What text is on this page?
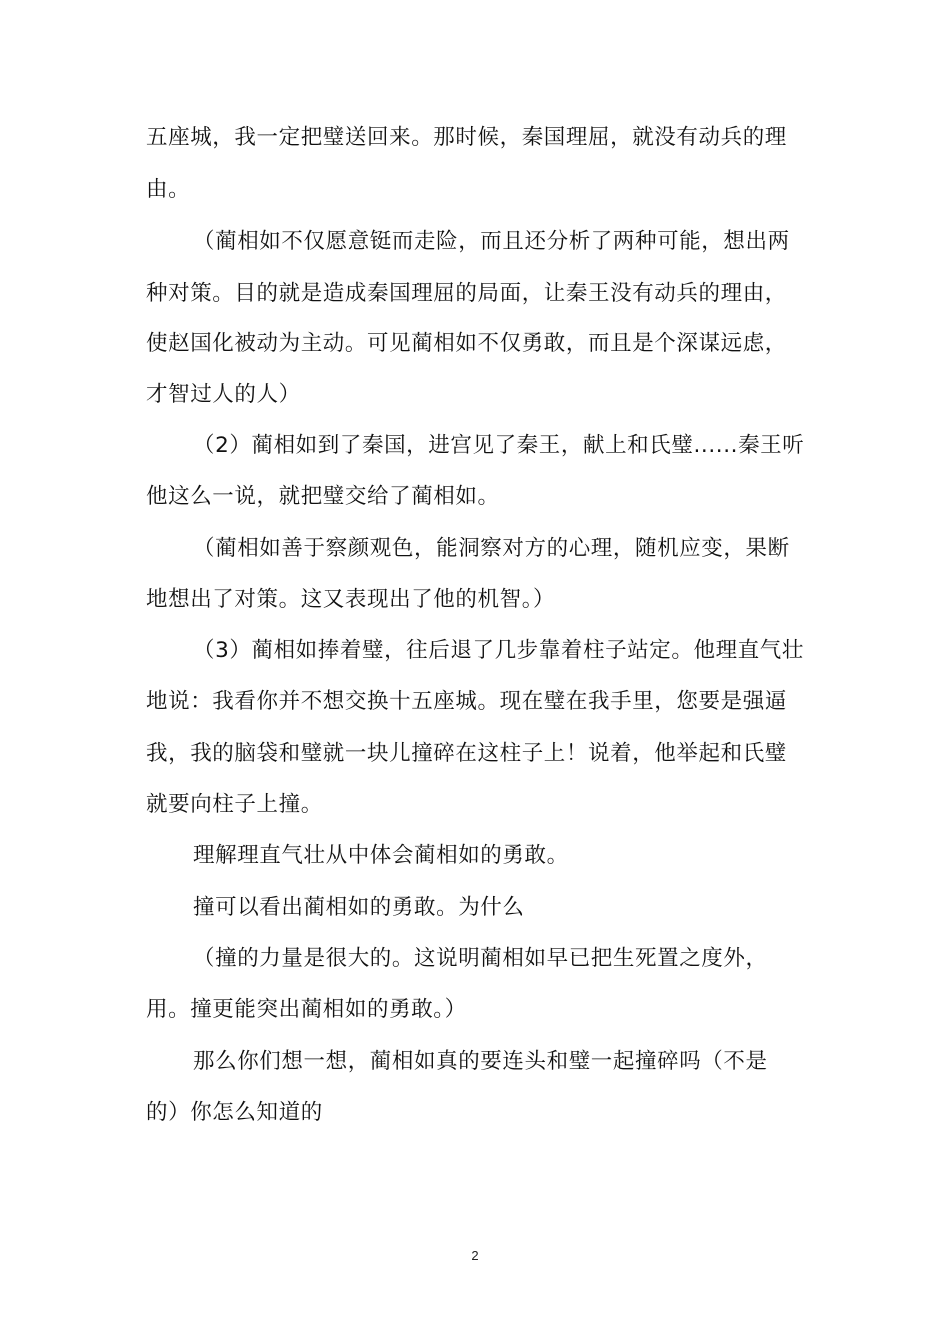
五座城，我一定把璧送回来。那时候，秦国理屈，就没有动兵的理
由。
（蔺相如不仅愿意铤而走险，而且还分析了两种可能，想出两
种对策。目的就是造成秦国理屈的局面，让秦王没有动兵的理由，
使赵国化被动为主动。可见蔺相如不仅勇敢，而且是个深谋远虑，
才智过人的人）
（2）蔺相如到了秦国，进宫见了秦王，献上和氏璧......秦王听
他这么一说，就把璧交给了蔺相如。
（蔺相如善于察颜观色，能洞察对方的心理，随机应变，果断
地想出了对策。这又表现出了他的机智。）
（3）蔺相如捧着璧，往后退了几步靠着柱子站定。他理直气壮
地说：我看你并不想交换十五座城。现在璧在我手里，您要是强逼
我，我的脑袋和璧就一块儿撞碎在这柱子上！说着，他举起和氏璧
就要向柱子上撞。
理解理直气壮从中体会蔺相如的勇敢。
撞可以看出蔺相如的勇敢。为什么
（撞的力量是很大的。这说明蔺相如早已把生死置之度外，
用。撞更能突出蔺相如的勇敢。）
那么你们想一想，蔺相如真的要连头和璧一起撞碎吗（不是
的）你怎么知道的
2
